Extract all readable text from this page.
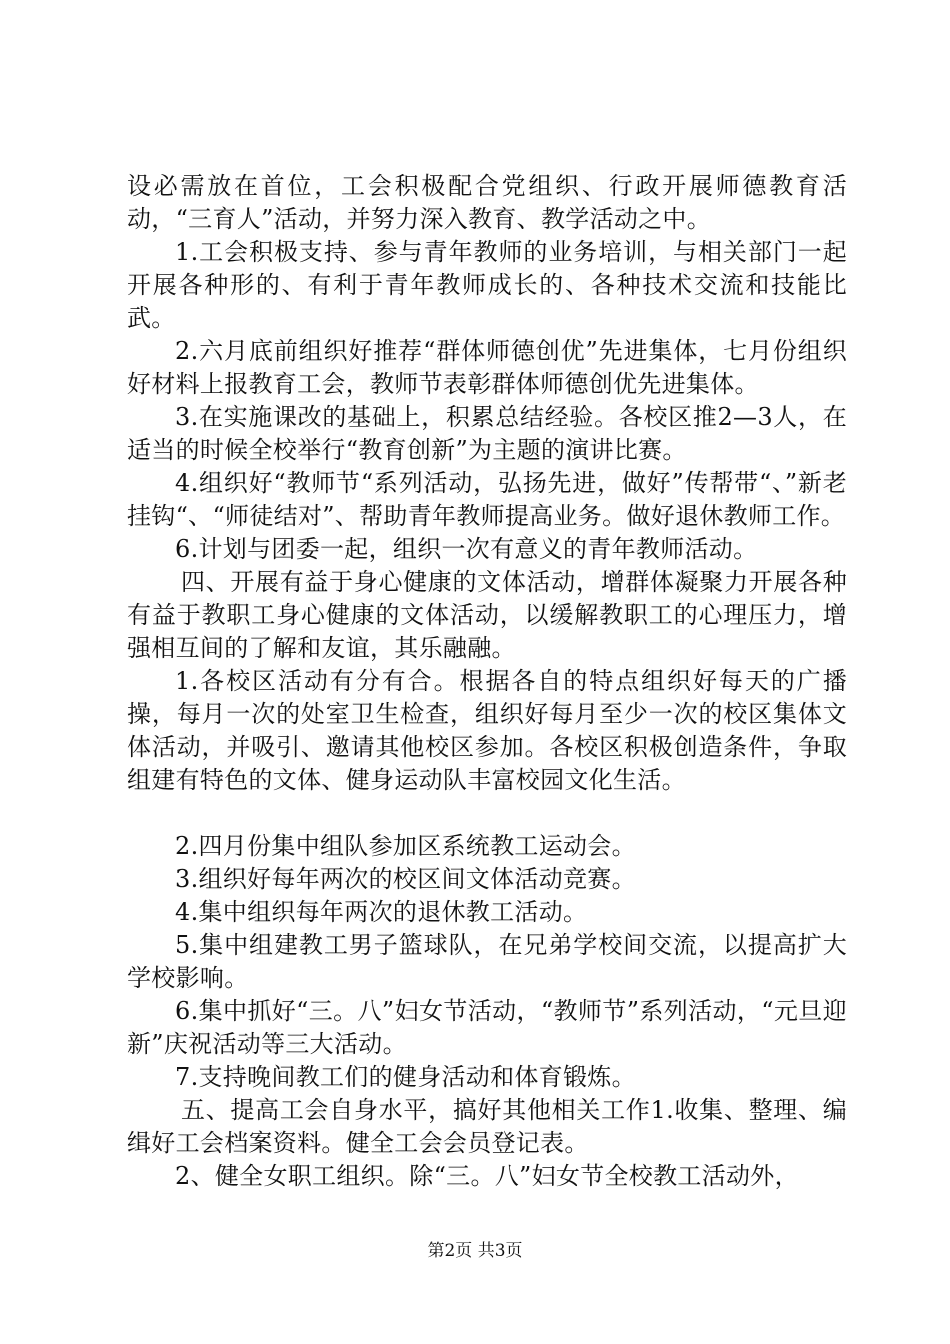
设必需放在首位，工会积极配合党组织、行政开展师德教育活动，“三育人”活动，并努力深入教育、教学活动之中。

1.工会积极支持、参与青年教师的业务培训，与相关部门一起开展各种形的、有利于青年教师成长的、各种技术交流和技能比武。

2.六月底前组织好推荐“群体师德创优”先进集体，七月份组织好材料上报教育工会，教师节表彰群体师德创优先进集体。

3.在实施课改的基础上，积累总结经验。各校区推2—3人，在适当的时候全校举行“教育创新”为主题的演讲比赛。

4.组织好“教师节“系列活动，弘扬先进，做好”传帮带“、”新老挂钩“、“师徒结对”、帮助青年教师提高业务。做好退休教师工作。

6.计划与团委一起，组织一次有意义的青年教师活动。

四、开展有益于身心健康的文体活动，增群体凝聚力开展各种有益于教职工身心健康的文体活动，以缓解教职工的心理压力，增强相互间的了解和友谊，其乐融融。

1.各校区活动有分有合。根据各自的特点组织好每天的广播操，每月一次的处室卫生检查，组织好每月至少一次的校区集体文体活动，并吸引、邀请其他校区参加。各校区积极创造条件，争取组建有特色的文体、健身运动队丰富校园文化生活。

2.四月份集中组队参加区系统教工运动会。

3.组织好每年两次的校区间文体活动竞赛。

4.集中组织每年两次的退休教工活动。

5.集中组建教工男子篮球队，在兄弟学校间交流，以提高扩大学校影响。

6.集中抓好“三。八”妇女节活动，“教师节”系列活动，“元旦迎新”庆祝活动等三大活动。

7.支持晚间教工们的健身活动和体育锻炼。

五、提高工会自身水平，搞好其他相关工作1.收集、整理、编缉好工会档案资料。健全工会会员登记表。

2、健全女职工组织。除“三。八”妇女节全校教工活动外，

第2页 共3页
